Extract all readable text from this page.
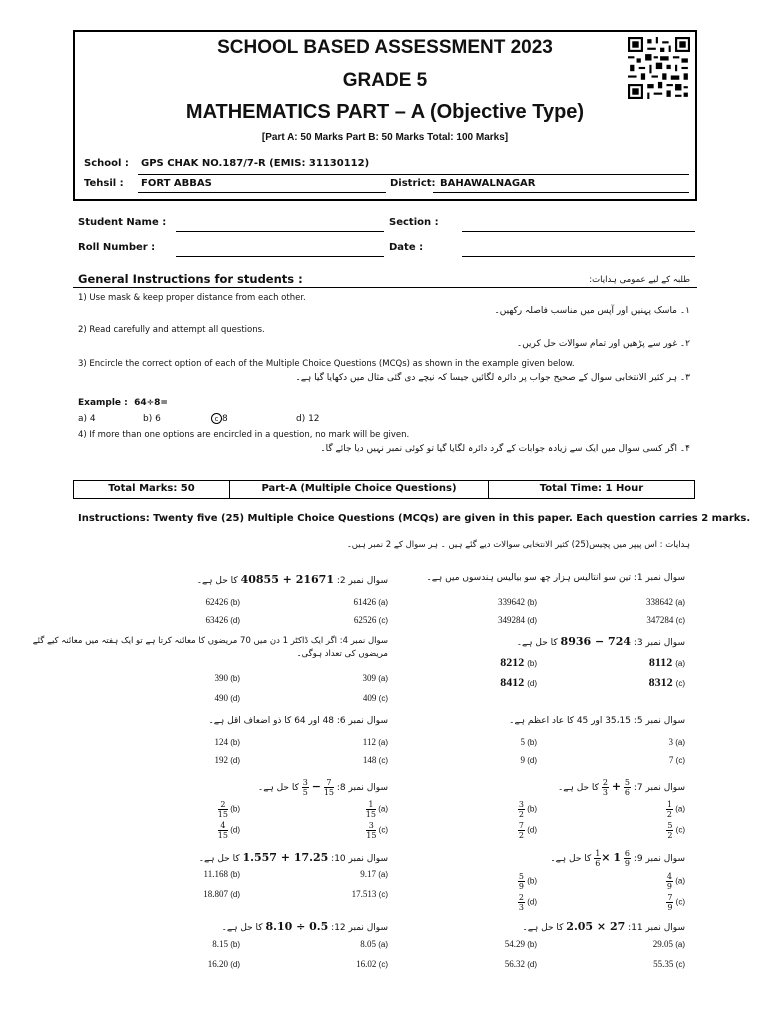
SCHOOL BASED ASSESSMENT 2023
GRADE 5
MATHEMATICS PART – A (Objective Type)
[Part A: 50 Marks Part B: 50 Marks Total: 100 Marks]
School : GPS CHAK NO.187/7-R (EMIS: 31130112)
Tehsil : FORT ABBAS	District: BAHAWALNAGAR
Student Name :	Section :
Roll Number :	Date :
General Instructions for students :	طلبہ کے لیے عمومی ہدایات:
1) Use mask & keep proper distance from each other.
۱۔ ماسک پہنیں اور آپس میں مناسب فاصلہ رکھیں۔
2) Read carefully and attempt all questions.
۲۔ غور سے پڑھیں اور تمام سوالات حل کریں۔
3) Encircle the correct option of each of the Multiple Choice Questions (MCQs) as shown in the example given below.
۳۔ ہر کثیر الانتخابی سوال کے صحیح جواب پر دائرہ لگائیں جیسا کہ نیچے دی گئی مثال میں دکھایا گیا ہے۔
Example : 64÷8=
a) 4	b) 6	c 8	d) 12
4) If more than one options are encircled in a question, no mark will be given.
۴۔ اگر کسی سوال میں ایک سے زیادہ جوابات کے گرد دائرہ لگایا گیا تو کوئی نمبر نہیں دیا جائے گا۔
Total Marks: 50	Part-A (Multiple Choice Questions)	Total Time: 1 Hour
Instructions: Twenty five (25) Multiple Choice Questions (MCQs) are given in this paper. Each question carries 2 marks.
ہدایات : اس پیپر میں پچیس(25) کثیر الانتخابی سوالات دیے گئے ہیں ۔ ہر سوال کے 2 نمبر ہیں۔
سوال نمبر 1: تین سو انتالیس ہزار چھ سو بیالیس ہندسوں میں ہے۔
338642 (a)
339642 (b)
347284 (c)
349284 (d)
سوال نمبر 2: 40855 + 21671 کا حل ہے۔
61426 (a)
62426 (b)
62526 (c)
63426 (d)
سوال نمبر 3: 8936 − 724 کا حل ہے۔
8112 (a)
8212 (b)
8312 (c)
8412 (d)
سوال نمبر 4: اگر ایک ڈاکٹر 1 دن میں 70 مریضوں کا معائنہ کرتا ہے تو ایک ہفتہ میں معائنہ کیے گئے
مریضوں کی تعداد ہوگی۔
309 (a)
390 (b)
409 (c)
490 (d)
سوال نمبر 5: 35،15 اور 45 کا عاد اعظم ہے۔
3 (a)
5 (b)
7 (c)
9 (d)
سوال نمبر 6: 48 اور 64 کا ذو اضعاف اقل ہے۔
112 (a)
124 (b)
148 (c)
192 (d)
سوال نمبر 7:
$\frac{5}{6}$
+
$\frac{2}{3}$
کا حل ہے۔
$\frac{1}{2} (a)$
$\frac{3}{2} (b)$
$\frac{5}{2} (c)$
$\frac{7}{2} (d)$
سوال نمبر 8:
$\frac{7}{15}$
−
$\frac{3}{5}$
کا حل ہے۔
$\frac{1}{15} (a)$
$\frac{2}{15} (b)$
$\frac{3}{15} (c)$
$\frac{4}{15} (d)$
سوال نمبر 9:
$\frac{6}{9}$
× 1
$\frac{1}{6}$
کا حل ہے۔
$\frac{4}{9} (a)$
$\frac{5}{9} (b)$
$\frac{7}{9} (c)$
$\frac{2}{3} (d)$
سوال نمبر 10: 1.557 + 17.25 کا حل ہے۔
9.17 (a)
11.168 (b)
17.513 (c)
18.807 (d)
سوال نمبر 11: 2.05 × 27 کا حل ہے۔
29.05 (a)
54.29 (b)
55.35 (c)
56.32 (d)
سوال نمبر 12: 8.10 ÷ 0.5 کا حل ہے۔
8.05 (a)
8.15 (b)
16.02 (c)
16.20 (d)
